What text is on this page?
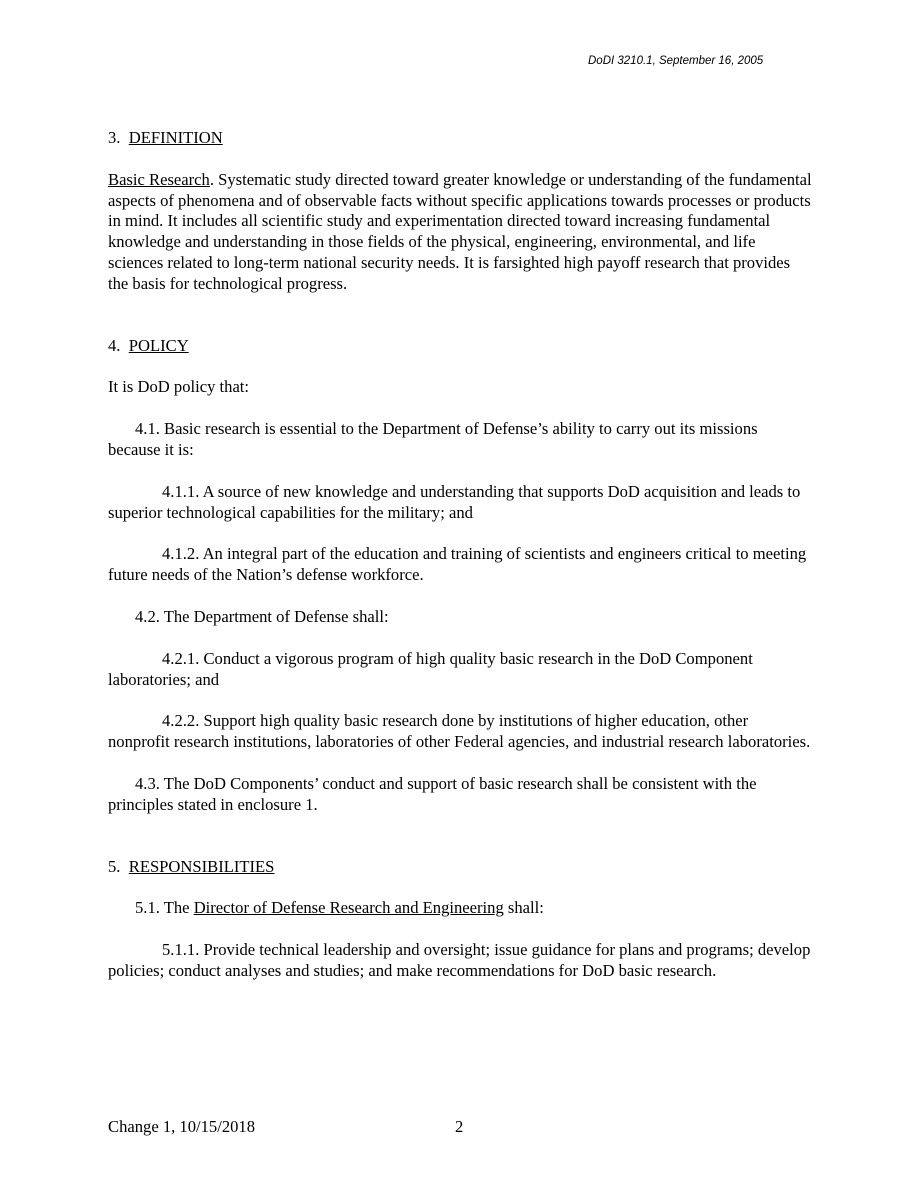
DoDI 3210.1, September 16, 2005

3. DEFINITION

Basic Research. Systematic study directed toward greater knowledge or understanding of the fundamental aspects of phenomena and of observable facts without specific applications towards processes or products in mind. It includes all scientific study and experimentation directed toward increasing fundamental knowledge and understanding in those fields of the physical, engineering, environmental, and life sciences related to long-term national security needs. It is farsighted high payoff research that provides the basis for technological progress.

4. POLICY

It is DoD policy that:

4.1. Basic research is essential to the Department of Defense’s ability to carry out its missions because it is:

4.1.1. A source of new knowledge and understanding that supports DoD acquisition and leads to superior technological capabilities for the military; and

4.1.2. An integral part of the education and training of scientists and engineers critical to meeting future needs of the Nation’s defense workforce.

4.2. The Department of Defense shall:

4.2.1. Conduct a vigorous program of high quality basic research in the DoD Component laboratories; and

4.2.2. Support high quality basic research done by institutions of higher education, other nonprofit research institutions, laboratories of other Federal agencies, and industrial research laboratories.

4.3. The DoD Components’ conduct and support of basic research shall be consistent with the principles stated in enclosure 1.

5. RESPONSIBILITIES

5.1. The Director of Defense Research and Engineering shall:

5.1.1. Provide technical leadership and oversight; issue guidance for plans and programs; develop policies; conduct analyses and studies; and make recommendations for DoD basic research.

Change 1, 10/15/2018	2
